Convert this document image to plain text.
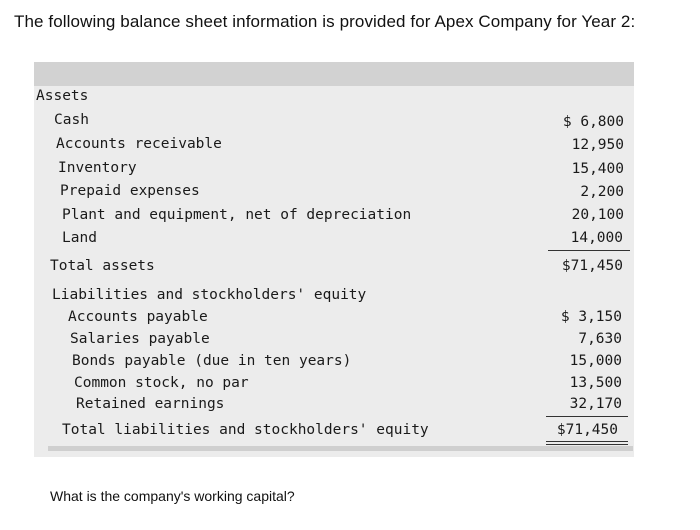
The following balance sheet information is provided for Apex Company for Year 2:
Assets
Cash	$ 6,800
Accounts receivable	12,950
Inventory	15,400
Prepaid expenses	2,200
Plant and equipment, net of depreciation	20,100
Land	14,000
Total assets	$71,450
Liabilities and stockholders' equity
Accounts payable	$ 3,150
Salaries payable	7,630
Bonds payable (due in ten years)	15,000
Common stock, no par	13,500
Retained earnings	32,170
Total liabilities and stockholders' equity	$71,450
What is the company's working capital?
